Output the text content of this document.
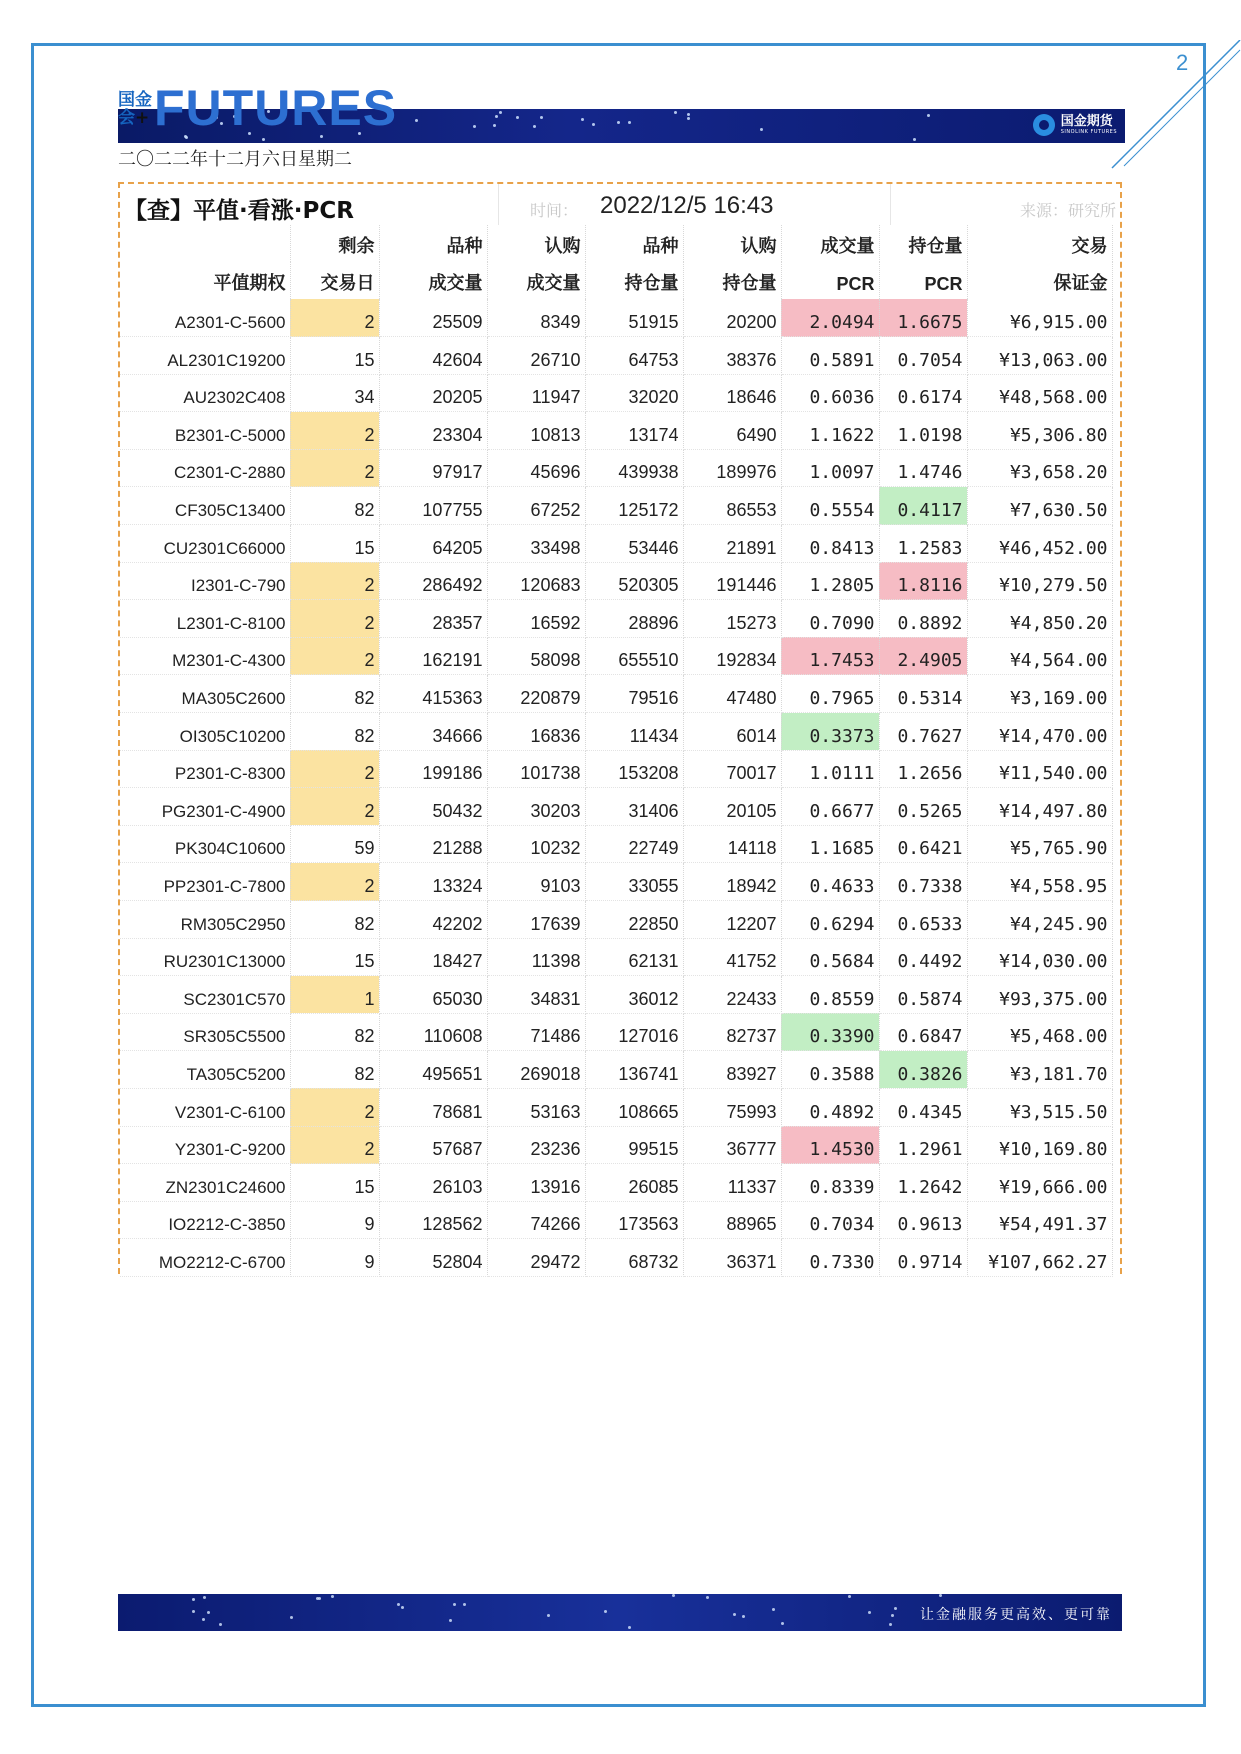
2
国金期货
SINOLINK FUTURES
国金
会+ FUTURES
二〇二二年十二月六日星期二
【查】平值·看涨·PCR	时间： 2022/12/5 16:43	来源：研究所
	剩余	品种	认购	品种	认购	成交量	持仓量	交易
平值期权	交易日	成交量	成交量	持仓量	持仓量	PCR	PCR	保证金
A2301-C-5600	2	25509	8349	51915	20200	2.0494	1.6675	¥6,915.00
AL2301C19200	15	42604	26710	64753	38376	0.5891	0.7054	¥13,063.00
AU2302C408	34	20205	11947	32020	18646	0.6036	0.6174	¥48,568.00
B2301-C-5000	2	23304	10813	13174	6490	1.1622	1.0198	¥5,306.80
C2301-C-2880	2	97917	45696	439938	189976	1.0097	1.4746	¥3,658.20
CF305C13400	82	107755	67252	125172	86553	0.5554	0.4117	¥7,630.50
CU2301C66000	15	64205	33498	53446	21891	0.8413	1.2583	¥46,452.00
I2301-C-790	2	286492	120683	520305	191446	1.2805	1.8116	¥10,279.50
L2301-C-8100	2	28357	16592	28896	15273	0.7090	0.8892	¥4,850.20
M2301-C-4300	2	162191	58098	655510	192834	1.7453	2.4905	¥4,564.00
MA305C2600	82	415363	220879	79516	47480	0.7965	0.5314	¥3,169.00
OI305C10200	82	34666	16836	11434	6014	0.3373	0.7627	¥14,470.00
P2301-C-8300	2	199186	101738	153208	70017	1.0111	1.2656	¥11,540.00
PG2301-C-4900	2	50432	30203	31406	20105	0.6677	0.5265	¥14,497.80
PK304C10600	59	21288	10232	22749	14118	1.1685	0.6421	¥5,765.90
PP2301-C-7800	2	13324	9103	33055	18942	0.4633	0.7338	¥4,558.95
RM305C2950	82	42202	17639	22850	12207	0.6294	0.6533	¥4,245.90
RU2301C13000	15	18427	11398	62131	41752	0.5684	0.4492	¥14,030.00
SC2301C570	1	65030	34831	36012	22433	0.8559	0.5874	¥93,375.00
SR305C5500	82	110608	71486	127016	82737	0.3390	0.6847	¥5,468.00
TA305C5200	82	495651	269018	136741	83927	0.3588	0.3826	¥3,181.70
V2301-C-6100	2	78681	53163	108665	75993	0.4892	0.4345	¥3,515.50
Y2301-C-9200	2	57687	23236	99515	36777	1.4530	1.2961	¥10,169.80
ZN2301C24600	15	26103	13916	26085	11337	0.8339	1.2642	¥19,666.00
IO2212-C-3850	9	128562	74266	173563	88965	0.7034	0.9613	¥54,491.37
MO2212-C-6700	9	52804	29472	68732	36371	0.7330	0.9714	¥107,662.27
让金融服务更高效、更可靠
